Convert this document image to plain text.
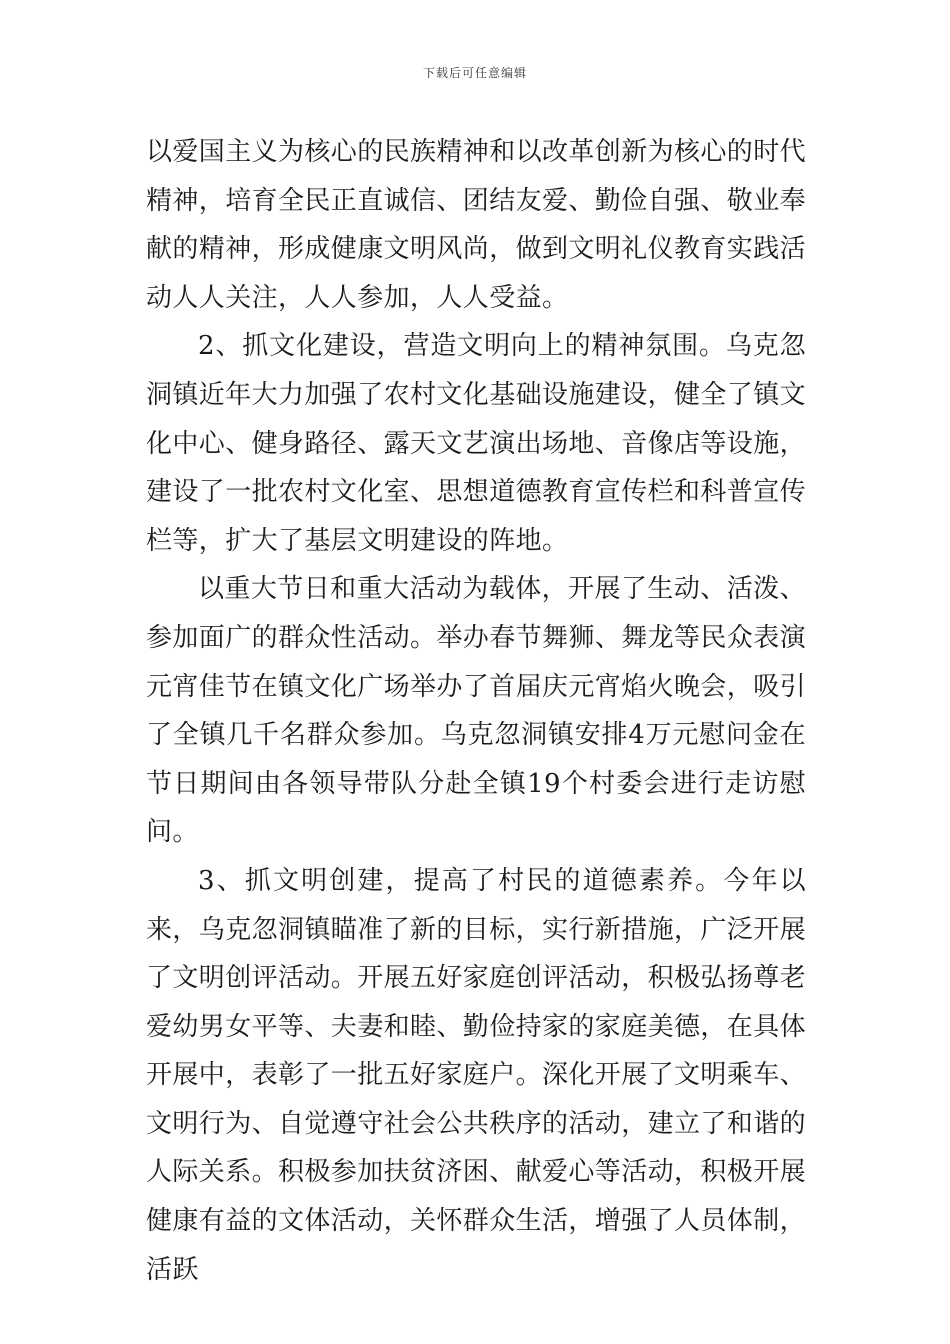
下载后可任意编辑

以爱国主义为核心的民族精神和以改革创新为核心的时代精神，培育全民正直诚信、团结友爱、勤俭自强、敬业奉献的精神，形成健康文明风尚，做到文明礼仪教育实践活动人人关注，人人参加，人人受益。

2、抓文化建设，营造文明向上的精神氛围。乌克忽洞镇近年大力加强了农村文化基础设施建设，健全了镇文化中心、健身路径、露天文艺演出场地、音像店等设施，建设了一批农村文化室、思想道德教育宣传栏和科普宣传栏等，扩大了基层文明建设的阵地。

以重大节日和重大活动为载体，开展了生动、活泼、参加面广的群众性活动。举办春节舞狮、舞龙等民众表演元宵佳节在镇文化广场举办了首届庆元宵焰火晚会，吸引了全镇几千名群众参加。乌克忽洞镇安排4万元慰问金在节日期间由各领导带队分赴全镇19个村委会进行走访慰问。

3、抓文明创建，提高了村民的道德素养。今年以来，乌克忽洞镇瞄准了新的目标，实行新措施，广泛开展了文明创评活动。开展五好家庭创评活动，积极弘扬尊老爱幼男女平等、夫妻和睦、勤俭持家的家庭美德，在具体开展中，表彰了一批五好家庭户。深化开展了文明乘车、文明行为、自觉遵守社会公共秩序的活动，建立了和谐的人际关系。积极参加扶贫济困、献爱心等活动，积极开展健康有益的文体活动，关怀群众生活，增强了人员体制，活跃
